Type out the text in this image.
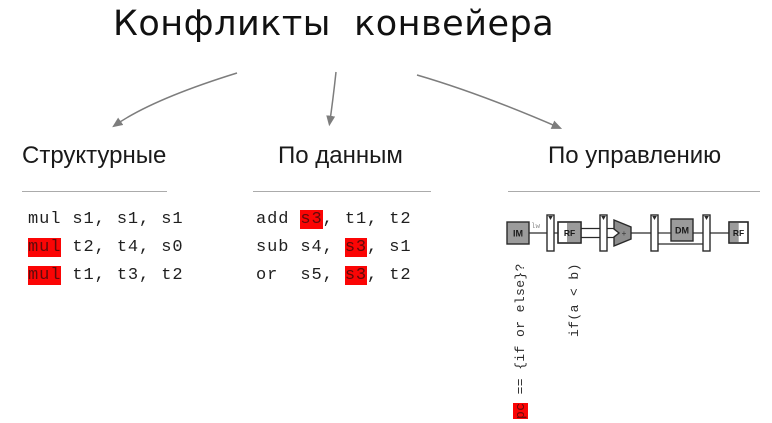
Конфликты  конвейера
Структурные	По данным	По управлению
mul s1, s1, s1
mul t2, t4, s0
mul t1, t3, t2
add s3, t1, t2
sub s4, s3, s1
or  s5, s3, t2
IM
lw
RF	+	DM	RF
pc == {if or else}?	if(a < b)
